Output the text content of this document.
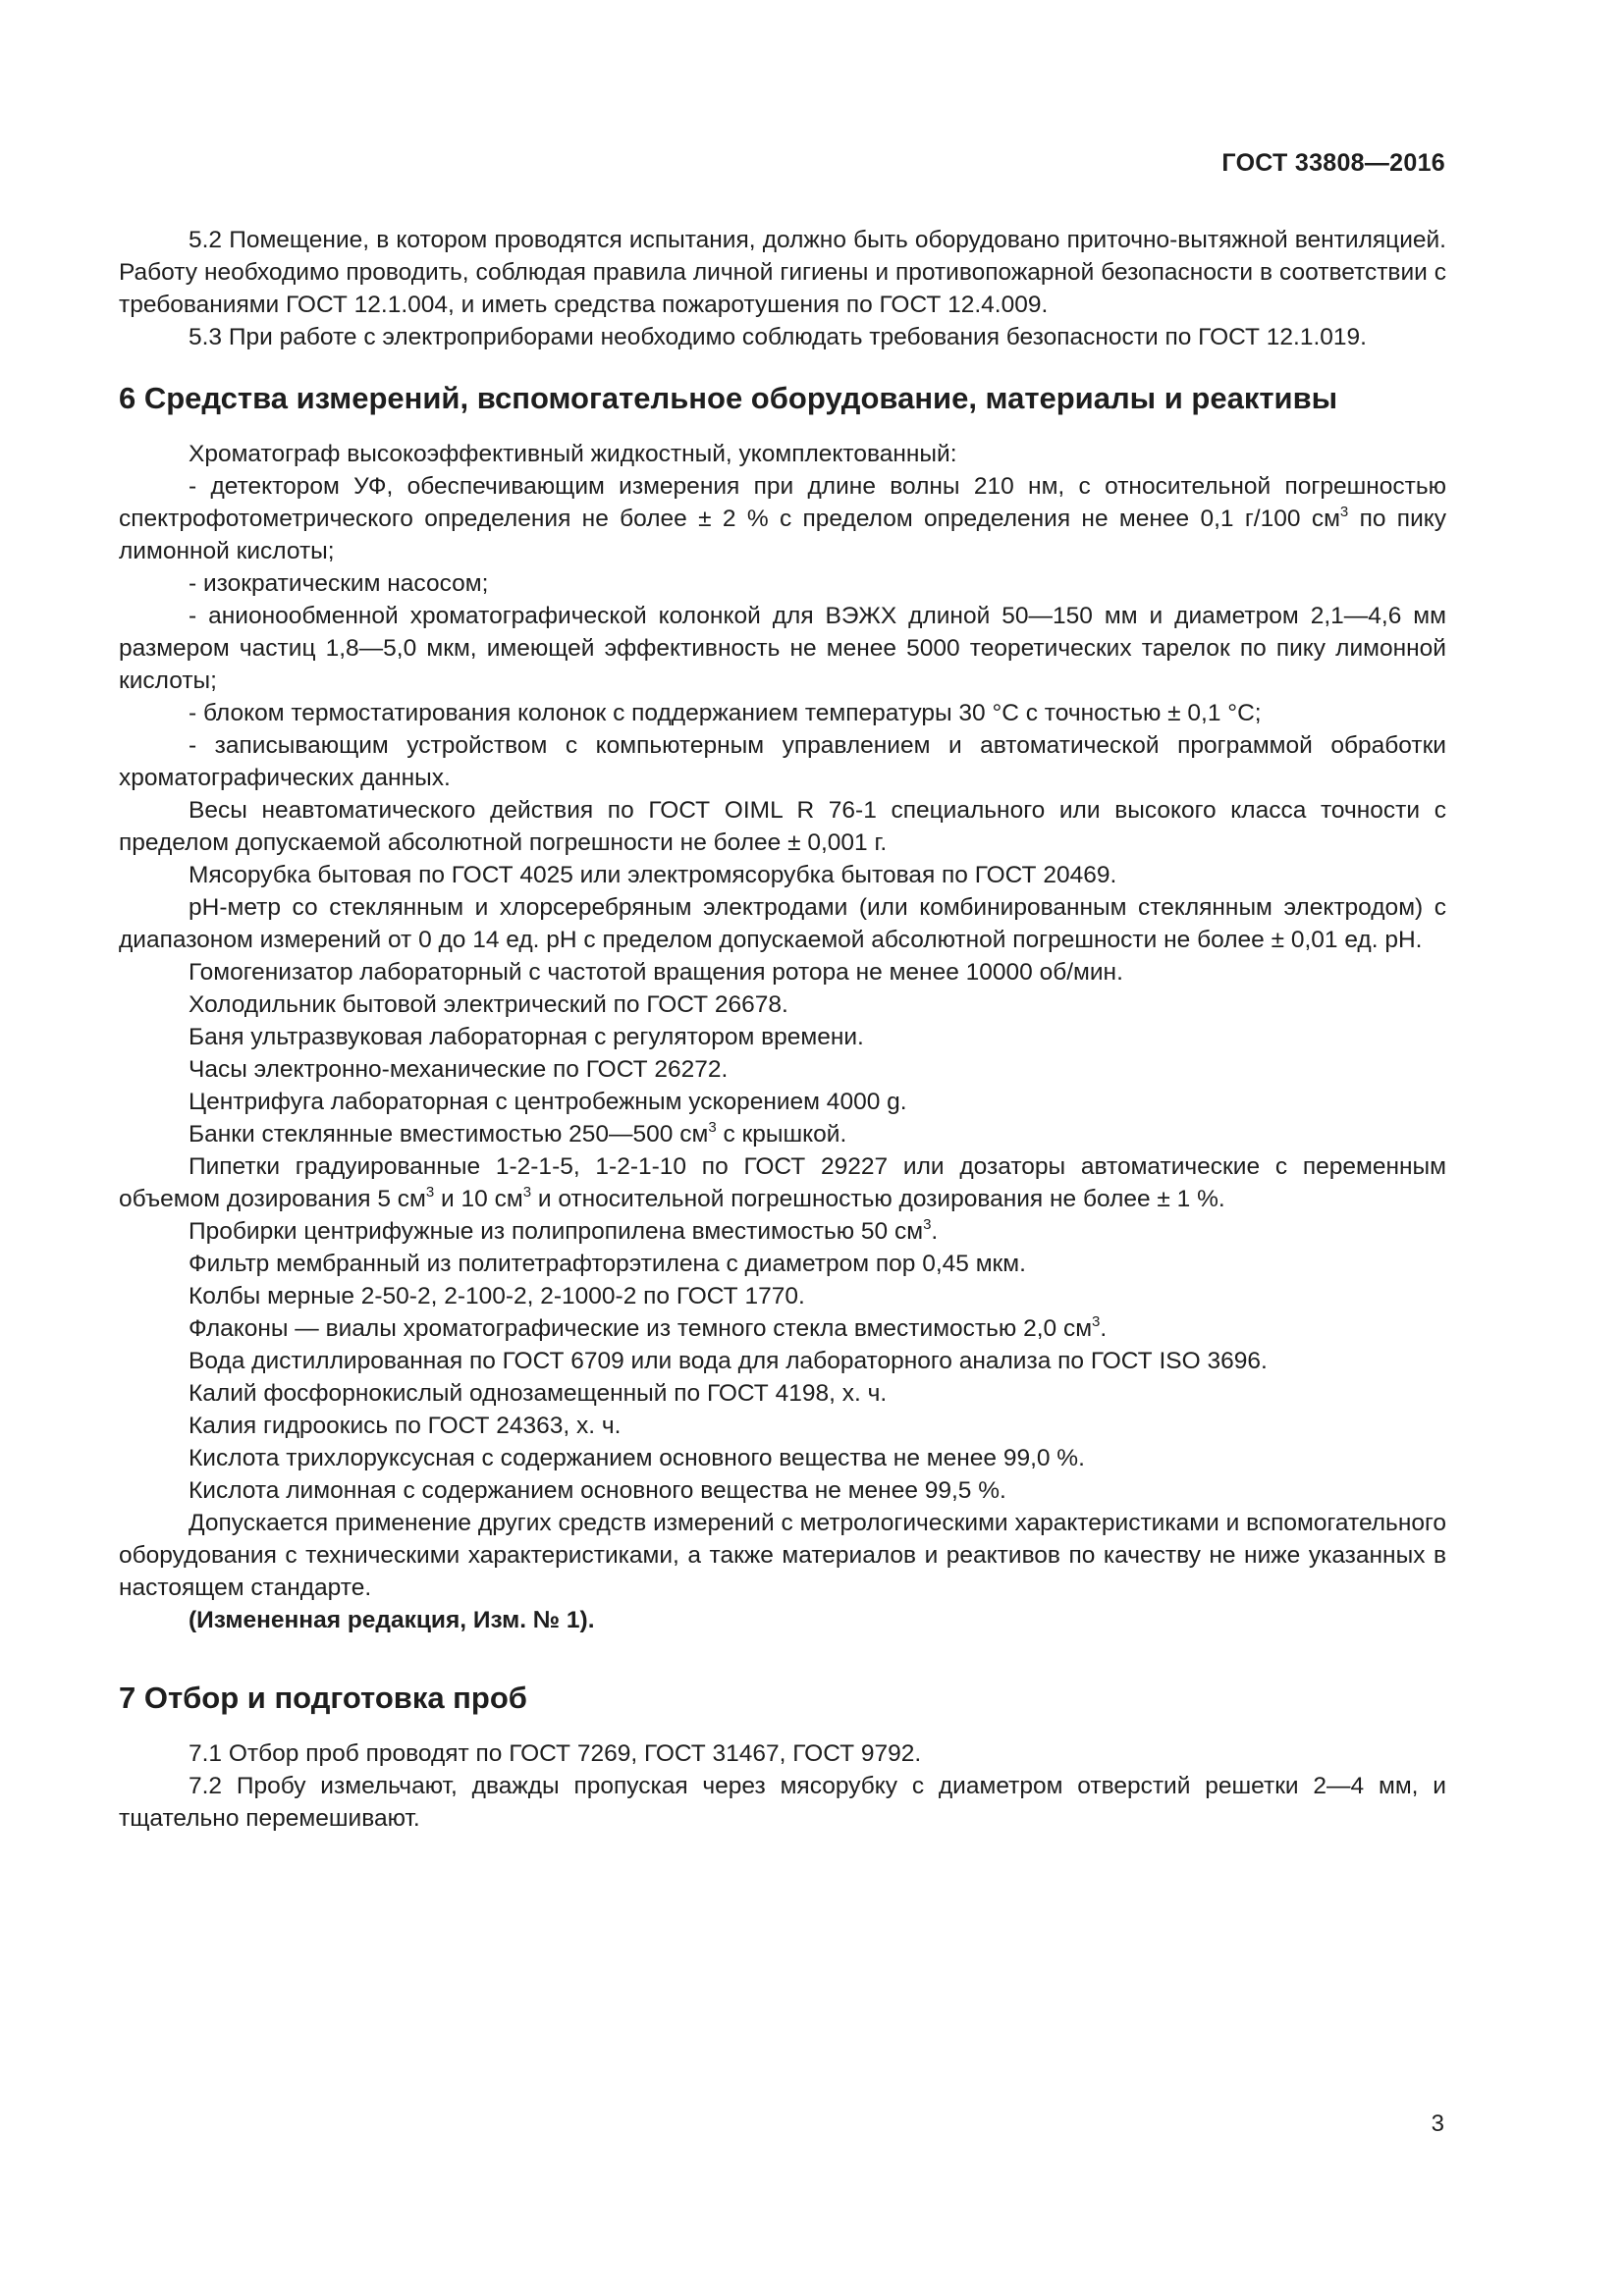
ГОСТ 33808—2016

5.2 Помещение, в котором проводятся испытания, должно быть оборудовано приточно-вытяжной вентиляцией. Работу необходимо проводить, соблюдая правила личной гигиены и противопожарной безопасности в соответствии с требованиями ГОСТ 12.1.004, и иметь средства пожаротушения по ГОСТ 12.4.009.

5.3 При работе с электроприборами необходимо соблюдать требования безопасности по ГОСТ 12.1.019.

6 Средства измерений, вспомогательное оборудование, материалы и реактивы

Хроматограф высокоэффективный жидкостный, укомплектованный:

- детектором УФ, обеспечивающим измерения при длине волны 210 нм, с относительной погрешностью спектрофотометрического определения не более ± 2 % с пределом определения не менее 0,1 г/100 $см^3$ по пику лимонной кислоты;

- изократическим насосом;

- анионообменной хроматографической колонкой для ВЭЖХ длиной 50—150 мм и диаметром 2,1—4,6 мм размером частиц 1,8—5,0 мкм, имеющей эффективность не менее 5000 теоретических тарелок по пику лимонной кислоты;

- блоком термостатирования колонок с поддержанием температуры 30 °С с точностью ± 0,1 °С;

- записывающим устройством с компьютерным управлением и автоматической программой обработки хроматографических данных.

Весы неавтоматического действия по ГОСТ OIML R 76-1 специального или высокого класса точности с пределом допускаемой абсолютной погрешности не более ± 0,001 г.

Мясорубка бытовая по ГОСТ 4025 или электромясорубка бытовая по ГОСТ 20469.

pH-метр со стеклянным и хлорсеребряным электродами (или комбинированным стеклянным электродом) с диапазоном измерений от 0 до 14 ед. pH с пределом допускаемой абсолютной погрешности не более ± 0,01 ед. pH.

Гомогенизатор лабораторный с частотой вращения ротора не менее 10000 об/мин.

Холодильник бытовой электрический по ГОСТ 26678.

Баня ультразвуковая лабораторная с регулятором времени.

Часы электронно-механические по ГОСТ 26272.

Центрифуга лабораторная с центробежным ускорением 4000 g.

Банки стеклянные вместимостью 250—500 $см^3$ с крышкой.

Пипетки градуированные 1-2-1-5, 1-2-1-10 по ГОСТ 29227 или дозаторы автоматические с переменным объемом дозирования 5 $см^3$ и 10 $см^3$ и относительной погрешностью дозирования не более ± 1 %.

Пробирки центрифужные из полипропилена вместимостью 50 $см^3$.

Фильтр мембранный из политетрафторэтилена с диаметром пор 0,45 мкм.

Колбы мерные 2-50-2, 2-100-2, 2-1000-2 по ГОСТ 1770.

Флаконы — виалы хроматографические из темного стекла вместимостью 2,0 $см^3$.

Вода дистиллированная по ГОСТ 6709 или вода для лабораторного анализа по ГОСТ ISO 3696.

Калий фосфорнокислый однозамещенный по ГОСТ 4198, х. ч.

Калия гидроокись по ГОСТ 24363, х. ч.

Кислота трихлоруксусная с содержанием основного вещества не менее 99,0 %.

Кислота лимонная с содержанием основного вещества не менее 99,5 %.

Допускается применение других средств измерений с метрологическими характеристиками и вспомогательного оборудования с техническими характеристиками, а также материалов и реактивов по качеству не ниже указанных в настоящем стандарте.

(Измененная редакция, Изм. № 1).

7 Отбор и подготовка проб

7.1 Отбор проб проводят по ГОСТ 7269, ГОСТ 31467, ГОСТ 9792.

7.2 Пробу измельчают, дважды пропуская через мясорубку с диаметром отверстий решетки 2—4 мм, и тщательно перемешивают.

3
